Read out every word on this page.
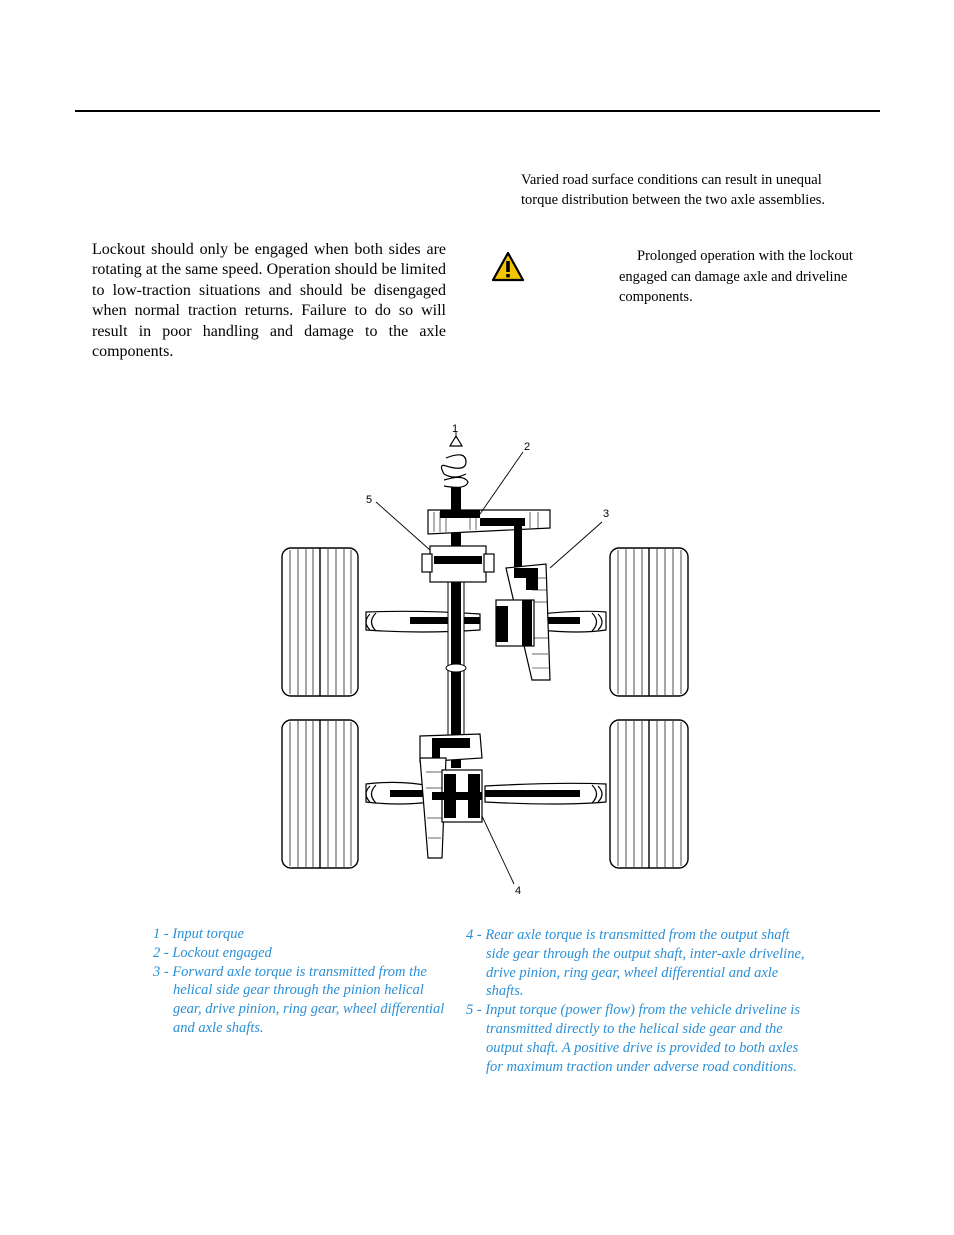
Varied road surface conditions can result in unequal torque distribution between the two axle assemblies.
Lockout should only be engaged when both sides are rotating at the same speed. Operation should be limited to low-traction situations and should be disengaged when normal traction returns. Failure to do so will result in poor handling and damage to the axle components.
Prolonged operation with the lockout engaged can damage axle and driveline components.
1
2
3
4
5
1 - Input torque
2 - Lockout engaged
3 - Forward axle torque is transmitted from the helical side gear through the pinion helical gear, drive pinion, ring gear, wheel differential and axle shafts.
4 - Rear axle torque is transmitted from the output shaft side gear through the output shaft, inter-axle driveline, drive pinion, ring gear, wheel differential and axle shafts.
5 - Input torque (power flow) from the vehicle driveline is transmitted directly to the helical side gear and the output shaft. A positive drive is provided to both axles for maximum traction under adverse road conditions.
